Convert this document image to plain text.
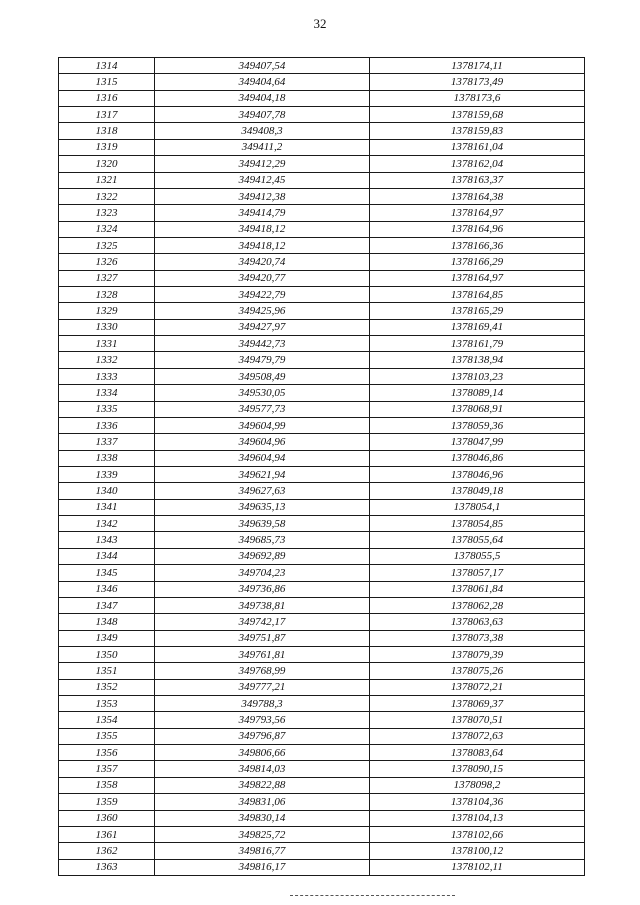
32
1314	349407,54	1378174,11
1315	349404,64	1378173,49
1316	349404,18	1378173,6
1317	349407,78	1378159,68
1318	349408,3	1378159,83
1319	349411,2	1378161,04
1320	349412,29	1378162,04
1321	349412,45	1378163,37
1322	349412,38	1378164,38
1323	349414,79	1378164,97
1324	349418,12	1378164,96
1325	349418,12	1378166,36
1326	349420,74	1378166,29
1327	349420,77	1378164,97
1328	349422,79	1378164,85
1329	349425,96	1378165,29
1330	349427,97	1378169,41
1331	349442,73	1378161,79
1332	349479,79	1378138,94
1333	349508,49	1378103,23
1334	349530,05	1378089,14
1335	349577,73	1378068,91
1336	349604,99	1378059,36
1337	349604,96	1378047,99
1338	349604,94	1378046,86
1339	349621,94	1378046,96
1340	349627,63	1378049,18
1341	349635,13	1378054,1
1342	349639,58	1378054,85
1343	349685,73	1378055,64
1344	349692,89	1378055,5
1345	349704,23	1378057,17
1346	349736,86	1378061,84
1347	349738,81	1378062,28
1348	349742,17	1378063,63
1349	349751,87	1378073,38
1350	349761,81	1378079,39
1351	349768,99	1378075,26
1352	349777,21	1378072,21
1353	349788,3	1378069,37
1354	349793,56	1378070,51
1355	349796,87	1378072,63
1356	349806,66	1378083,64
1357	349814,03	1378090,15
1358	349822,88	1378098,2
1359	349831,06	1378104,36
1360	349830,14	1378104,13
1361	349825,72	1378102,66
1362	349816,77	1378100,12
1363	349816,17	1378102,11
